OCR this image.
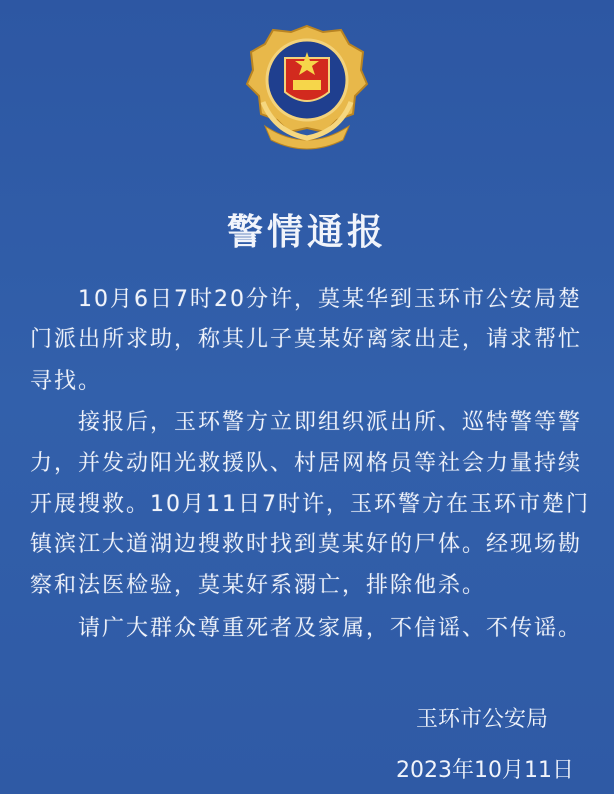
警情通报
10月6日7时20分许，莫某华到玉环市公安局楚
门派出所求助，称其儿子莫某好离家出走，请求帮忙
寻找。
接报后，玉环警方立即组织派出所、巡特警等警
力，并发动阳光救援队、村居网格员等社会力量持续
开展搜救。10月11日7时许，玉环警方在玉环市楚门
镇滨江大道湖边搜救时找到莫某好的尸体。经现场勘
察和法医检验，莫某好系溺亡，排除他杀。
请广大群众尊重死者及家属，不信谣、不传谣。
玉环市公安局
2023年10月11日
